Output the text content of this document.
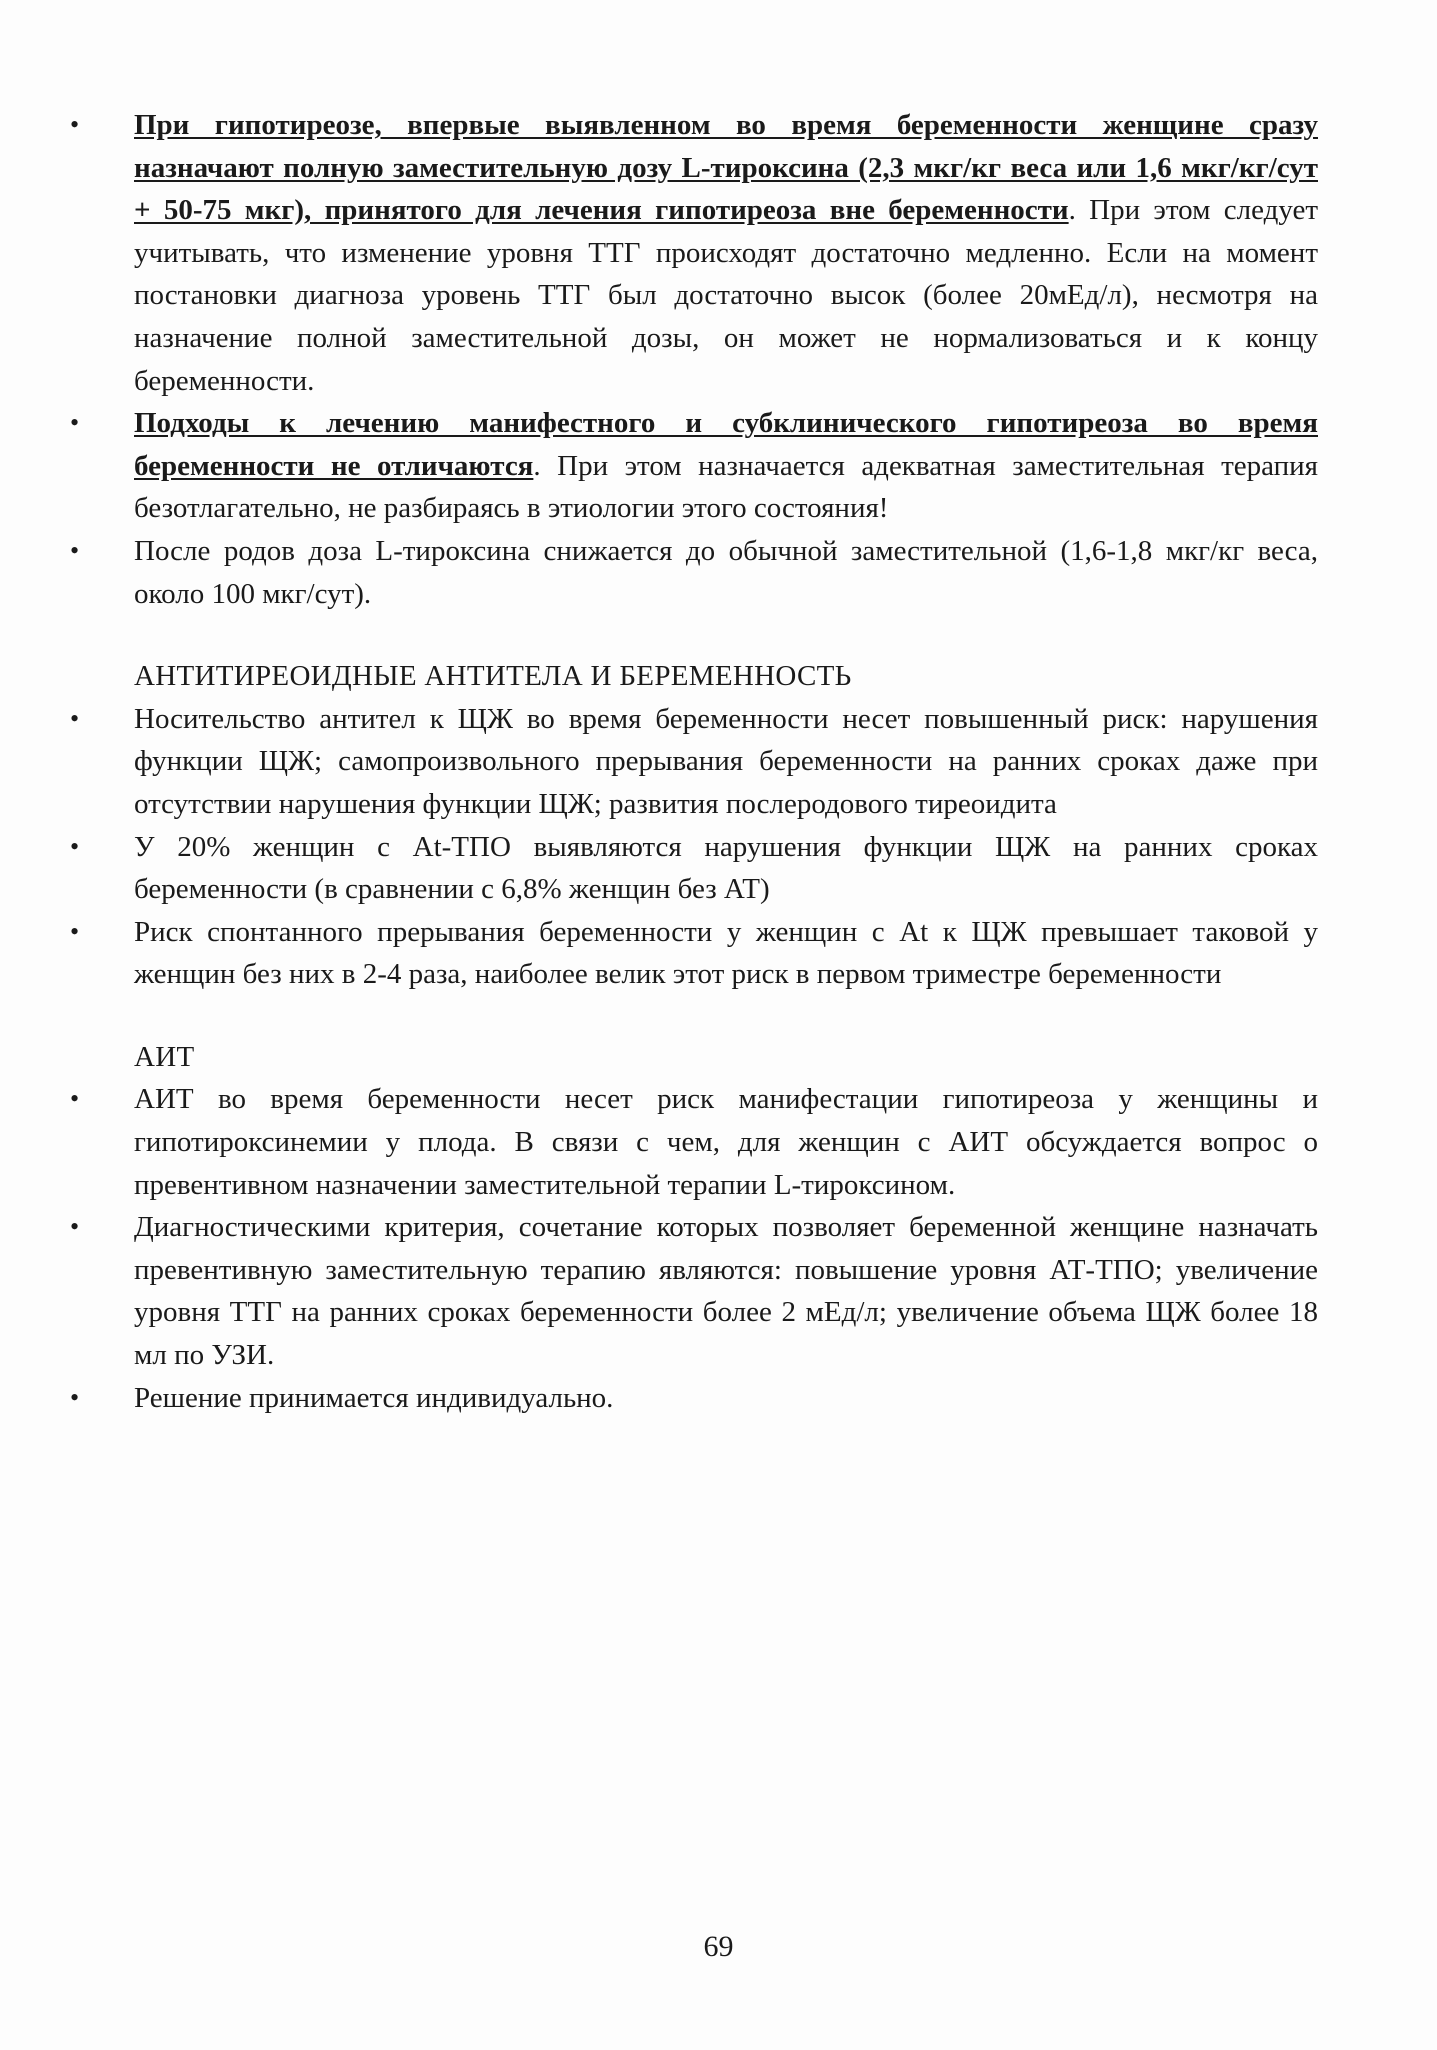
• При гипотиреозе, впервые выявленном во время беременности женщине сразу назначают полную заместительную дозу L-тироксина (2,3 мкг/кг веса или 1,6 мкг/кг/сут + 50-75 мкг), принятого для лечения гипотиреоза вне беременности. При этом следует учитывать, что изменение уровня ТТГ происходят достаточно медленно. Если на момент постановки диагноза уровень ТТГ был достаточно высок (более 20мЕд/л), несмотря на назначение полной заместительной дозы, он может не нормализоваться и к концу беременности.
• Подходы к лечению манифестного и субклинического гипотиреоза во время беременности не отличаются. При этом назначается адекватная заместительная терапия безотлагательно, не разбираясь в этиологии этого состояния!
• После родов доза L-тироксина снижается до обычной заместительной (1,6-1,8 мкг/кг веса, около 100 мкг/сут).
АНТИТИРЕОИДНЫЕ АНТИТЕЛА И БЕРЕМЕННОСТЬ
• Носительство антител к ЩЖ во время беременности несет повышенный риск: нарушения функции ЩЖ; самопроизвольного прерывания беременности на ранних сроках даже при отсутствии нарушения функции ЩЖ; развития послеродового тиреоидита
• У 20% женщин с At-ТПО выявляются нарушения функции ЩЖ на ранних сроках беременности (в сравнении с 6,8% женщин без АТ)
• Риск спонтанного прерывания беременности у женщин с At к ЩЖ превышает таковой у женщин без них в 2-4 раза, наиболее велик этот риск в первом триместре беременности
АИТ
• АИТ во время беременности несет риск манифестации гипотиреоза у женщины и гипотироксинемии у плода. В связи с чем, для женщин с АИТ обсуждается вопрос о превентивном назначении заместительной терапии L-тироксином.
• Диагностическими критерия, сочетание которых позволяет беременной женщине назначать превентивную заместительную терапию являются: повышение уровня АТ-ТПО; увеличение уровня ТТГ на ранних сроках беременности более 2 мЕд/л; увеличение объема ЩЖ более 18 мл по УЗИ.
• Решение принимается индивидуально.
69
